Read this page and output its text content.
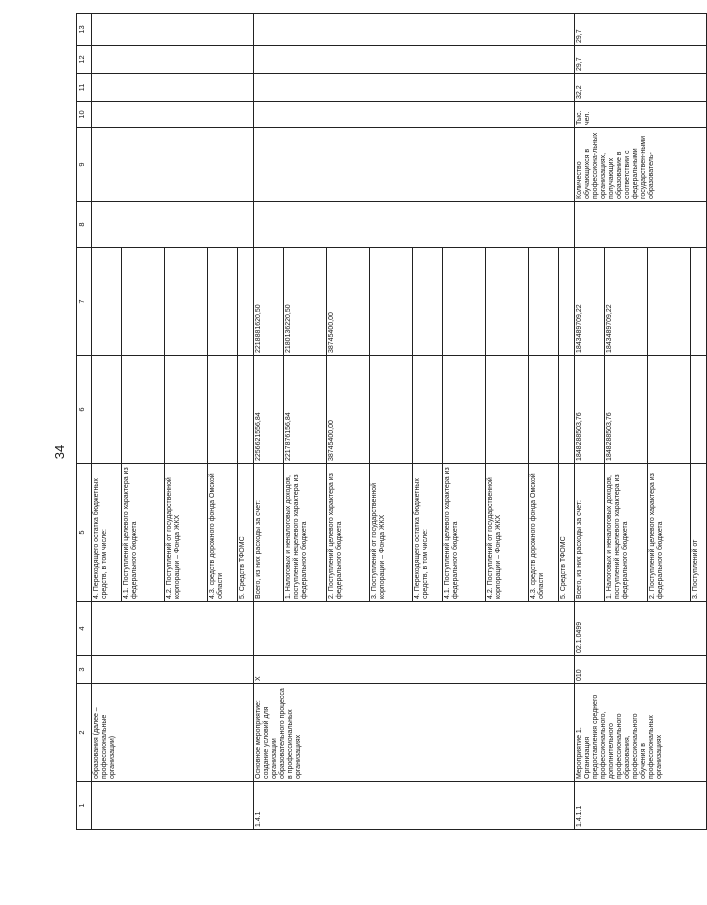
34
1	2	3	4	5	6	7	8	9	10	11	12	13
	образования (далее – профессиональные организации)			4. Переходящего остатка бюджетных средств, в том числе:								
				4.1. Поступлений целевого характера из федерального бюджета								
				4.2. Поступлений от государственной корпорации – Фонда ЖКХ								
				4.3. средств дорожного фонда Омской области								
				5. Средств ТФОМС								
1.4.1	Основное мероприятие: создание условий для организации образовательного процесса в профессиональных организациях	X		Всего, из них расходы за счет:	2256621556,84	2218881620,50						
				1. Налоговых и неналоговых доходов, поступлений нецелевого характера из федерального бюджета	2217876156,84	2180136220,50						
				2. Поступлений целевого характера из федерального бюджета	38745400,00	38745400,00						
				3. Поступлений от государственной корпорации – Фонда ЖКХ								
				4. Переходящего остатка бюджетных средств, в том числе:								
				4.1. Поступлений целевого характера из федерального бюджета								
				4.2. Поступлений от государственной корпорации – Фонда ЖКХ								
				4.3. средств дорожного фонда Омской области								
				5. Средств ТФОМС								
1.4.1.1	Мероприятие 1. Организация предоставления среднего профессионального, дополнительного профессионального образования, профессионального обучения в профессиональных организациях	010	02.1.0499	Всего, из них расходы за счет:	1848288503,76	1843489709,22		Количество обучающихся в профессиона-льных организациях, получающих образование в соответствии с федеральными государствен-ными образователь-	Тыс. чел.	32,2	29,7	29,7
				1. Налоговых и неналоговых доходов, поступлений нецелевого характера из федерального бюджета	1848288503,76	1843489709,22						
				2. Поступлений целевого характера из федерального бюджета								
				3. Поступлений от								
